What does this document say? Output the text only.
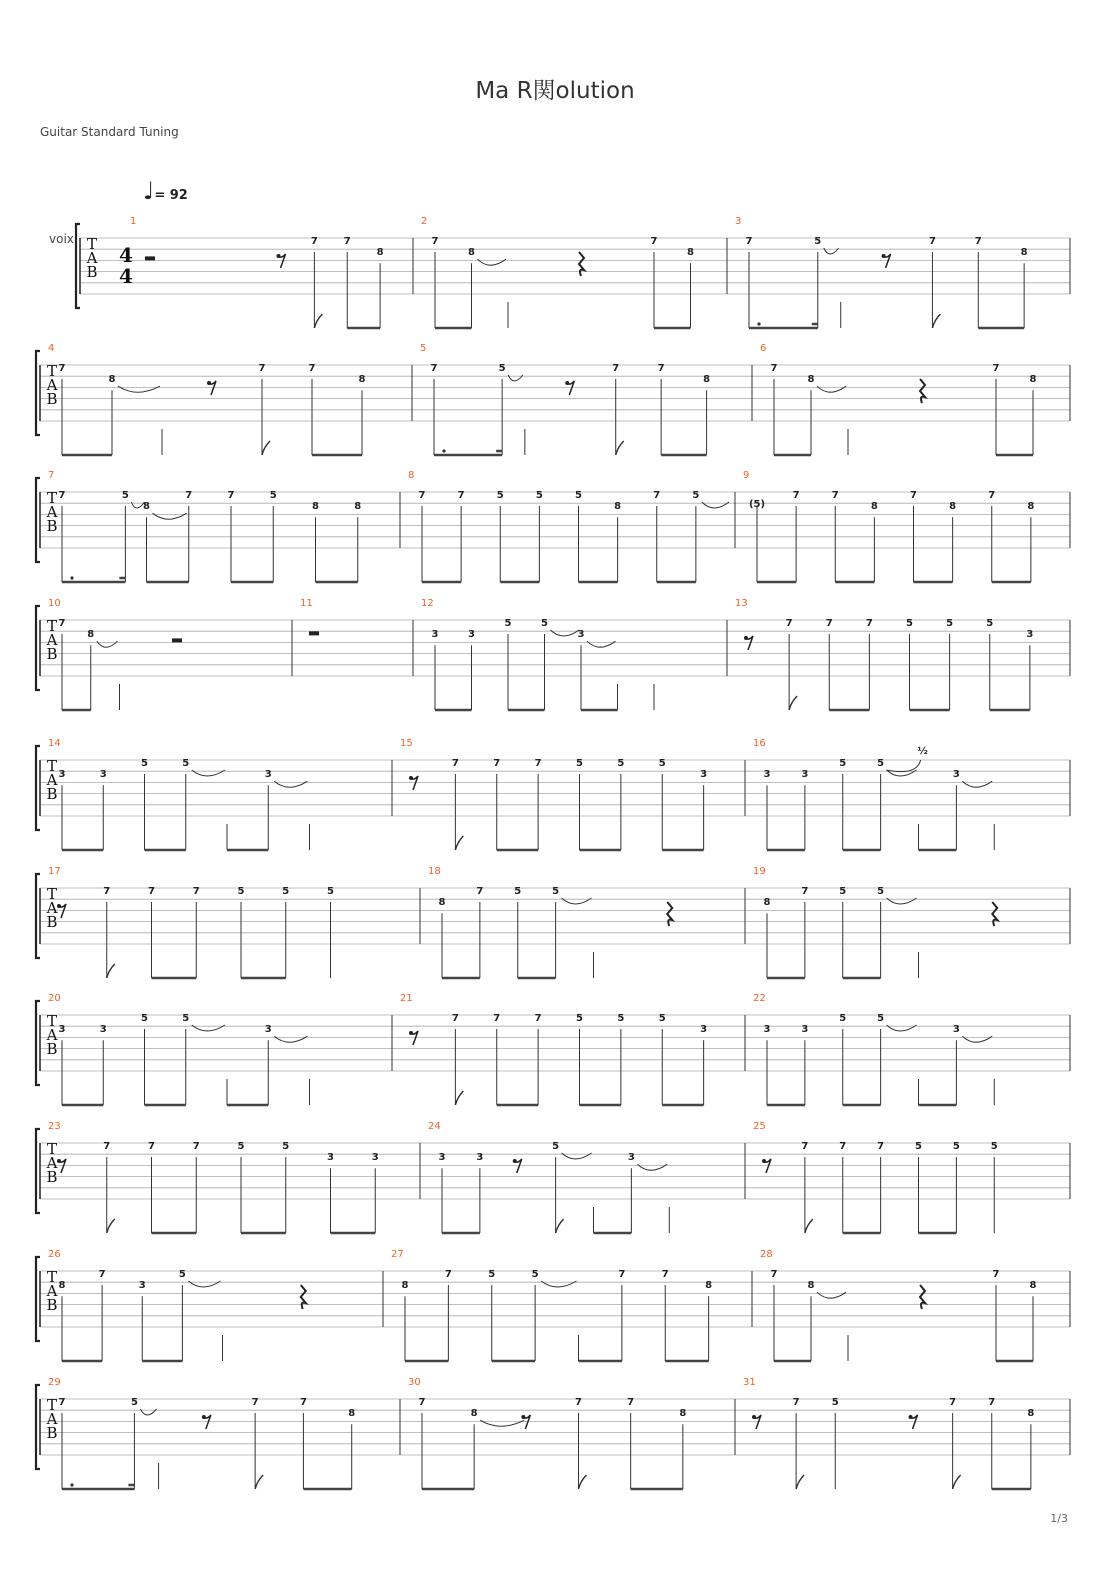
Ma R関olution
Guitar Standard Tuning
♩= 92
voix
1/3
T
A
B
4
4
1
7	7
8
2
7
8
7
8
3
7	5	7	7
8
T
A
B
4
7
8
7	7
8
5
7	5	7	7
8
6
7
8
7
8
T
A
B
7
7	5
8
7	7	5
8	8
8
7	7	5	5	5
8
7	5
9
(5)
7	7
8
7
8
7
8
T
A
B
10
7
8
11	12
3	3
5	5
3
13
7	7	7	5	5	5
3
T
A
B
14
3	3
5	5
3
15
7	7	7	5	5	5
3
16
3	3
5	5
½
3
T
A
B
17
7	7	7	5	5	5
18
8
7	5	5
19
8
7	5	5
T
A
B
20
3	3
5	5
3
21
7	7	7	5	5	5
3
22
3	3
5	5
3
T
A
B
23
7	7	7	5	5
3	3
24
3	3
5
3
25
7	7	7	5	5	5
T
A
B
26
8
7
3
5
27
8
7	5	5	7	7
8
28
7
8
7
8
T
A
B
29
7	5	7	7
8
30
7
8
7	7
8
31
7	5	7	7
8
